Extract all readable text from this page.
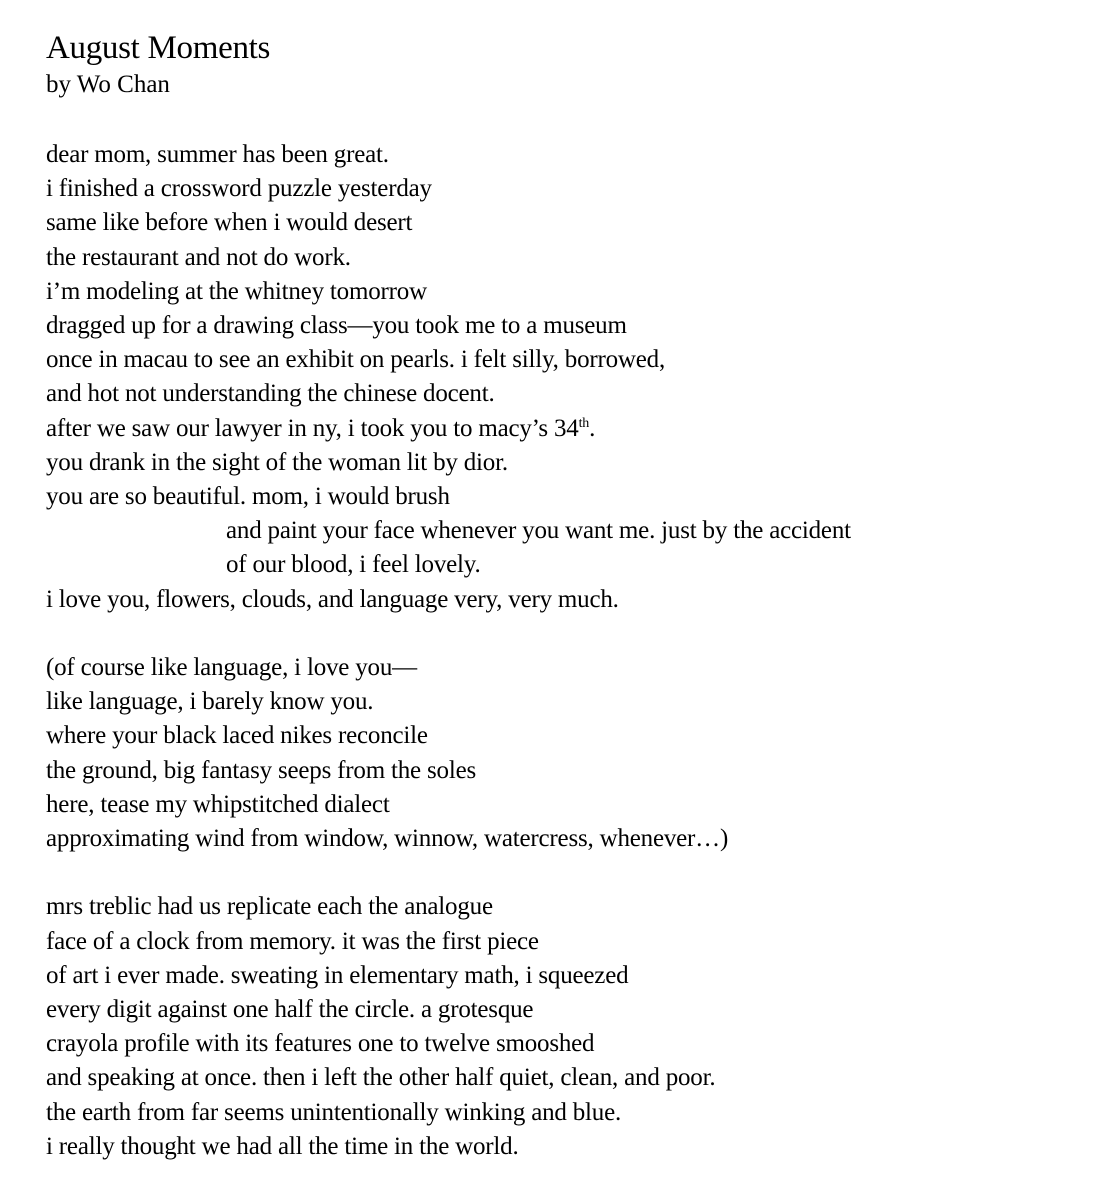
August Moments

by Wo Chan

dear mom, summer has been great.
i finished a crossword puzzle yesterday
same like before when i would desert
the restaurant and not do work.
i’m modeling at the whitney tomorrow
dragged up for a drawing class—you took me to a museum
once in macau to see an exhibit on pearls. i felt silly, borrowed,
and hot not understanding the chinese docent.
after we saw our lawyer in ny, i took you to macy’s 34th.
you drank in the sight of the woman lit by dior.
you are so beautiful. mom, i would brush
and paint your face whenever you want me. just by the accident
of our blood, i feel lovely.
i love you, flowers, clouds, and language very, very much.
(of course like language, i love you—
like language, i barely know you.
where your black laced nikes reconcile
the ground, big fantasy seeps from the soles
here, tease my whipstitched dialect
approximating wind from window, winnow, watercress, whenever…)
mrs treblic had us replicate each the analogue
face of a clock from memory. it was the first piece
of art i ever made. sweating in elementary math, i squeezed
every digit against one half the circle. a grotesque
crayola profile with its features one to twelve smooshed
and speaking at once. then i left the other half quiet, clean, and poor.
the earth from far seems unintentionally winking and blue.
i really thought we had all the time in the world.
